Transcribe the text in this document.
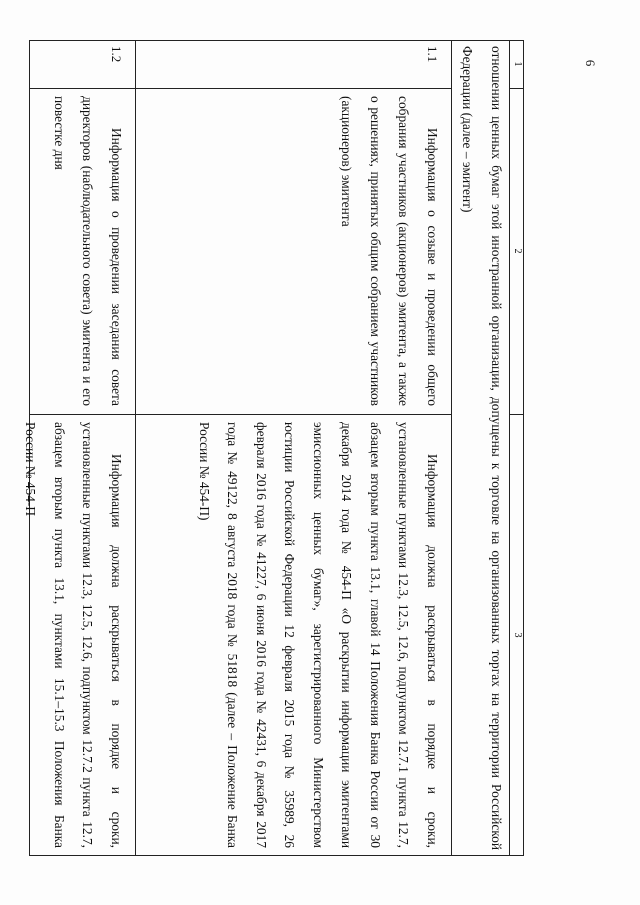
6
1
2
3

отношении ценных бумаг этой иностранной организации, допущены к торговле на организованных торгах на территории Российской Федерации (далее – эмитент)

1.1

Информация о созыве и проведении общего собрания участников (акционеров) эмитента, а также о решениях, принятых общим собранием участников (акционеров) эмитента

Информация должна раскрываться в порядке и сроки, установленные пунктами 12.3, 12.5, 12.6, подпунктом 12.7.1 пункта 12.7, абзацем вторым пункта 13.1, главой 14 Положения Банка России от 30 декабря 2014 года № 454-П «О раскрытии информации эмитентами эмиссионных ценных бумаг», зарегистрированного Министерством юстиции Российской Федерации 12 февраля 2015 года № 35989, 26 февраля 2016 года № 41227, 6 июня 2016 года № 42431, 6 декабря 2017 года № 49122, 8 августа 2018 года № 51818 (далее – Положение Банка России № 454-П)

1.2

Информация о проведении заседания совета директоров (наблюдательного совета) эмитента и его повестке дня

Информация должна раскрываться в порядке и сроки, установленные пунктами 12.3, 12.5, 12.6, подпунктом 12.7.2 пункта 12.7, абзацем вторым пункта 13.1, пунктами 15.1–15.3 Положения Банка России № 454-П
